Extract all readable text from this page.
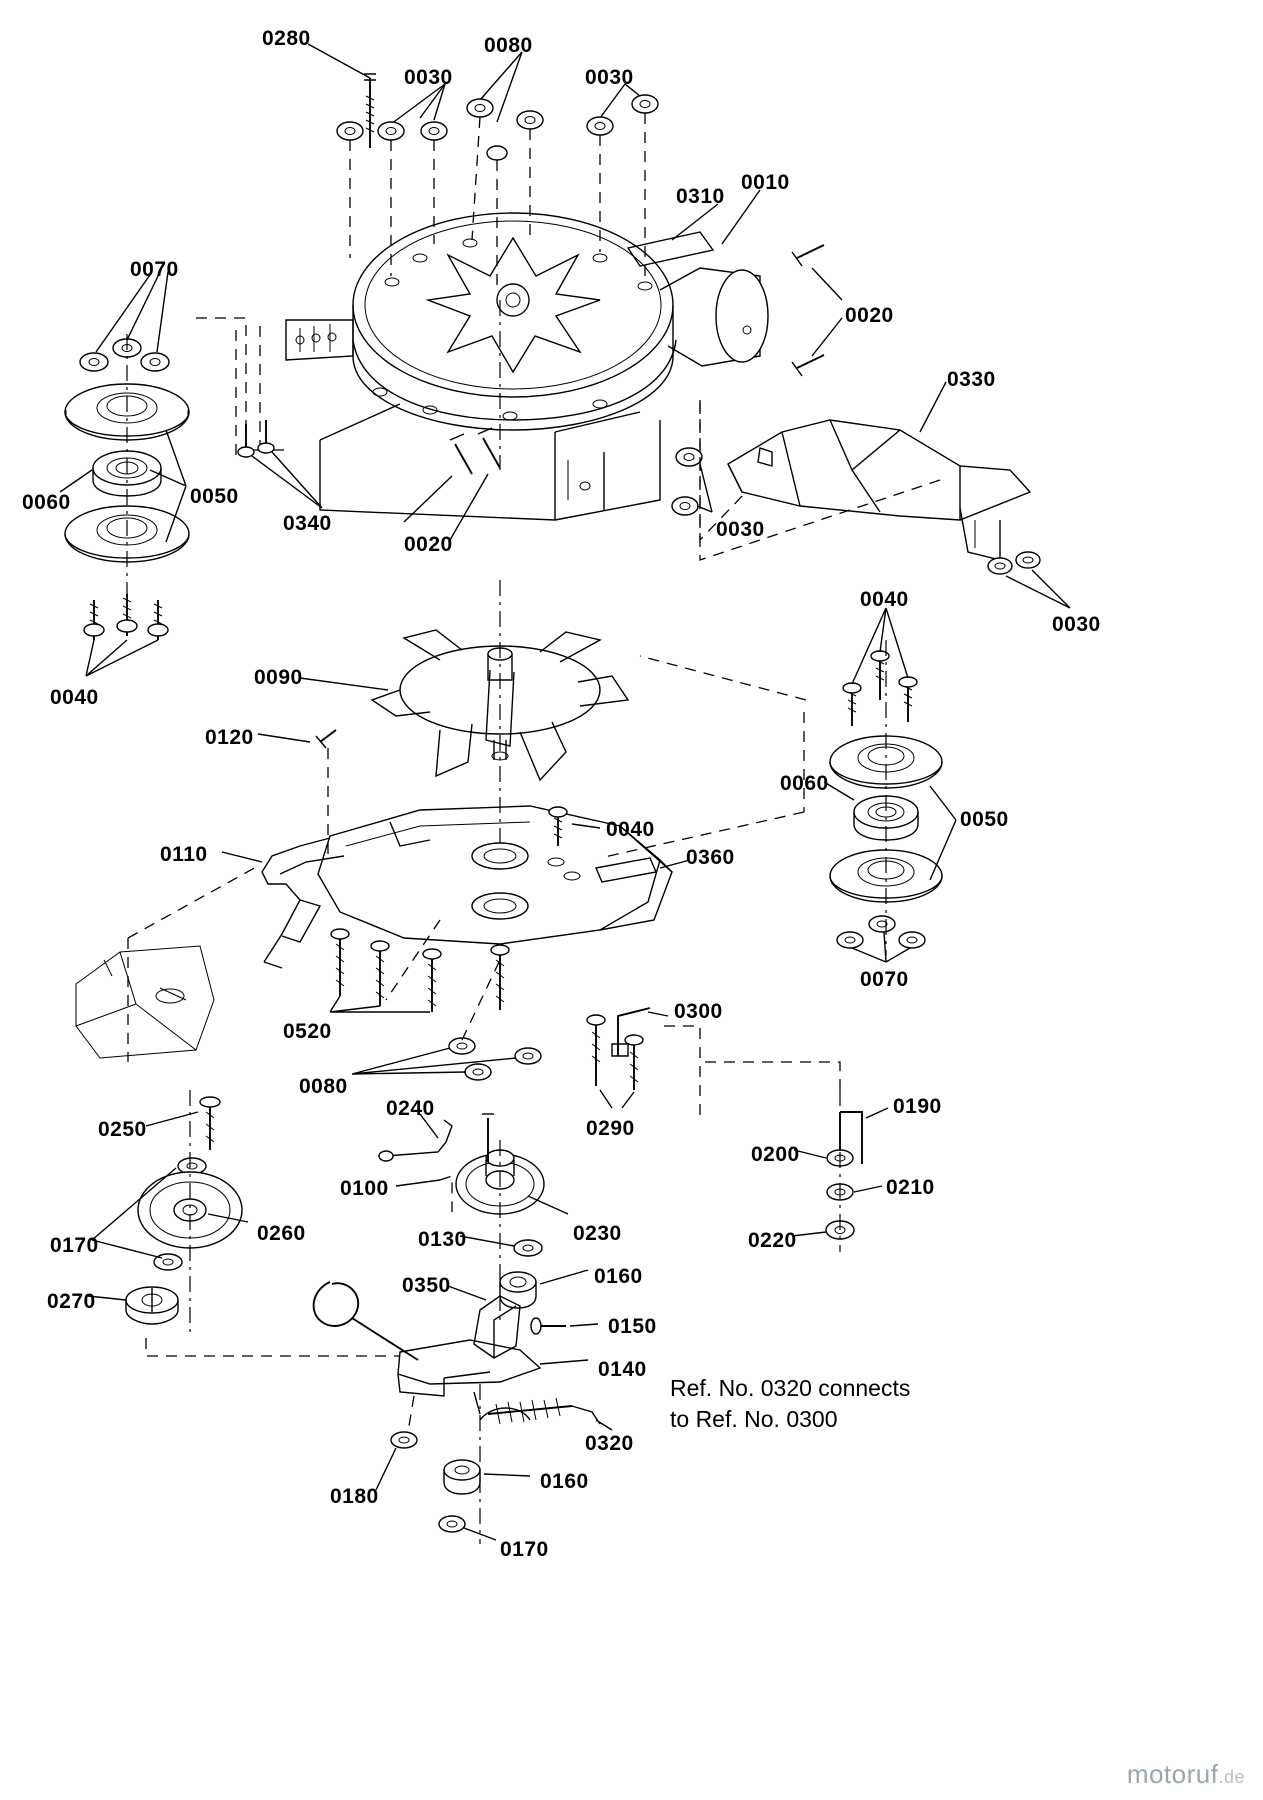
0280	0080
0030	0030
0310
0010
0020
0330
0070
0050
0060
0340
0020
0030
0030
0040
0040
0090
0120
0060
0050
0040
0360
0110
0070
0520
0300
0080
0240
0290
0190
0250
0200
0210
0100
0260
0170	0220
0130	0230
0160
0350
0270
0150
0140
0320
0180
0160
0170
Ref. No. 0320 connects
to Ref. No. 0300
motoruf.de
